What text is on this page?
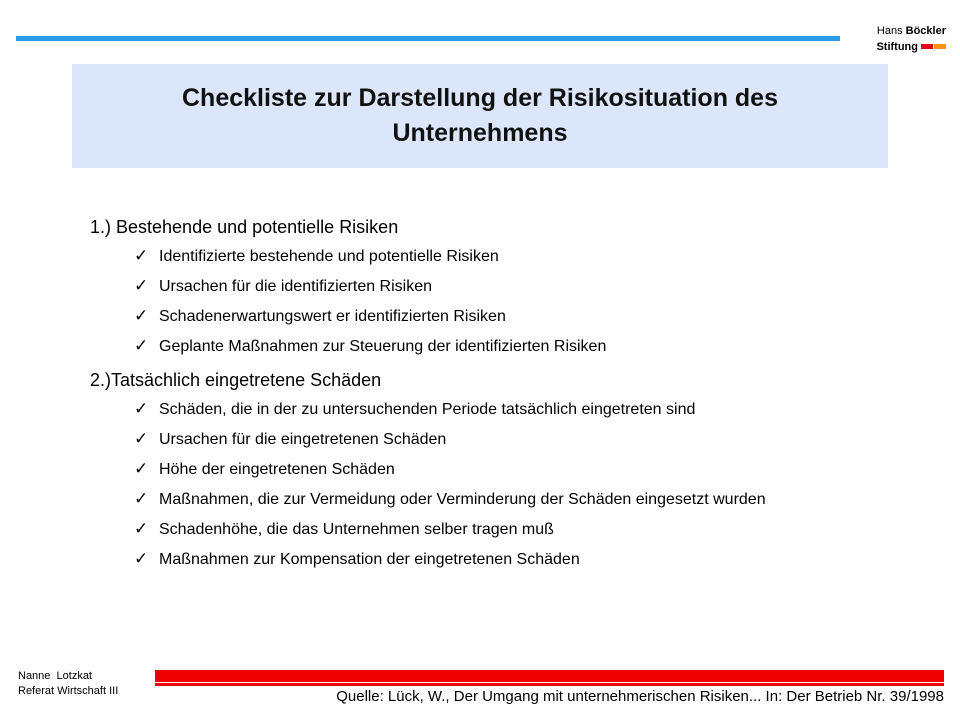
Hans Böckler
Stiftung
Checkliste zur Darstellung der Risikosituation des Unternehmens

1.) Bestehende und potentielle Risiken

✓ Identifizierte bestehende und potentielle Risiken
✓ Ursachen für die identifizierten Risiken
✓ Schadenerwartungswert er identifizierten Risiken
✓ Geplante Maßnahmen zur Steuerung der identifizierten Risiken

2.)Tatsächlich eingetretene Schäden

✓ Schäden, die in der zu untersuchenden Periode tatsächlich eingetreten sind
✓ Ursachen für die eingetretenen Schäden
✓ Höhe der eingetretenen Schäden
✓ Maßnahmen, die zur Vermeidung oder Verminderung der Schäden eingesetzt wurden
✓ Schadenhöhe, die das Unternehmen selber tragen muß
✓ Maßnahmen zur Kompensation der eingetretenen Schäden
Nanne  Lotzkat
Referat Wirtschaft III	Quelle: Lück, W., Der Umgang mit unternehmerischen Risiken... In: Der Betrieb Nr. 39/1998
